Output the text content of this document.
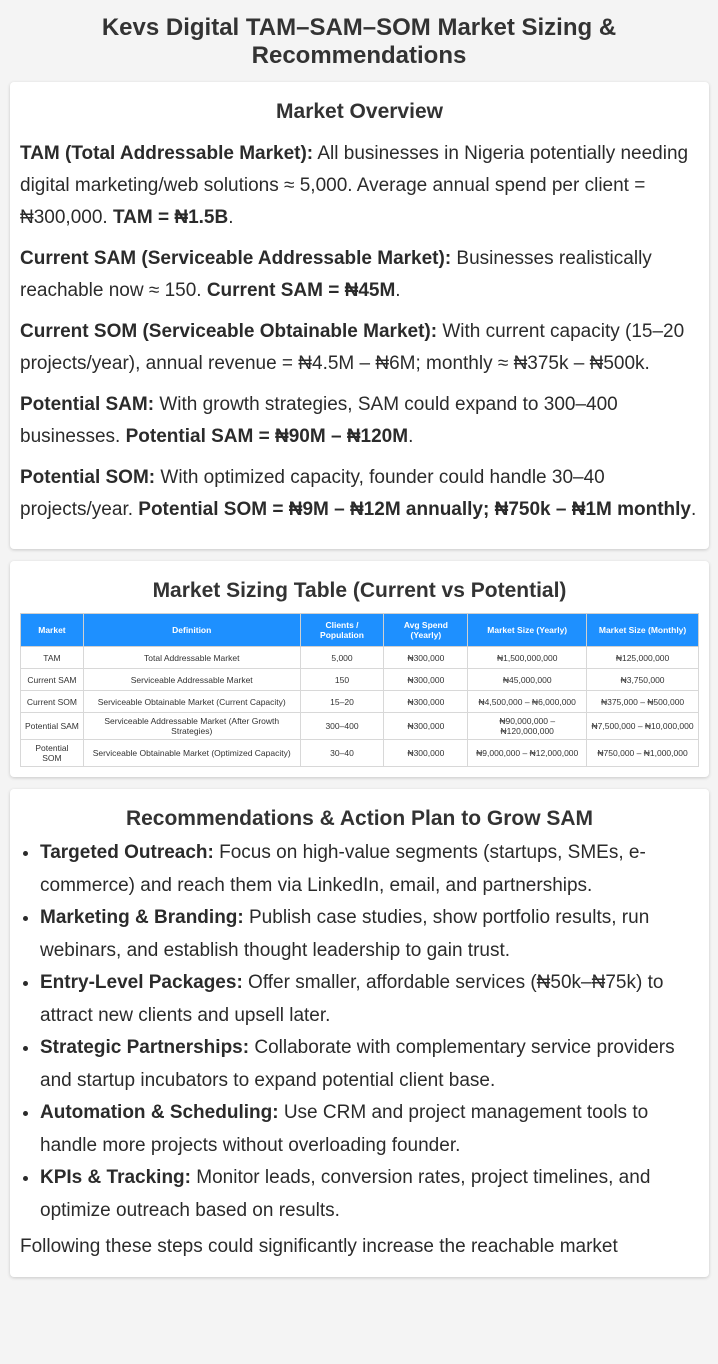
Kevs Digital TAM–SAM–SOM Market Sizing & Recommendations
Market Overview

TAM (Total Addressable Market): All businesses in Nigeria potentially needing digital marketing/web solutions ≈ 5,000. Average annual spend per client = ₦300,000. TAM = ₦1.5B.

Current SAM (Serviceable Addressable Market): Businesses realistically reachable now ≈ 150. Current SAM = ₦45M.

Current SOM (Serviceable Obtainable Market): With current capacity (15–20 projects/year), annual revenue = ₦4.5M – ₦6M; monthly ≈ ₦375k – ₦500k.

Potential SAM: With growth strategies, SAM could expand to 300–400 businesses. Potential SAM = ₦90M – ₦120M.

Potential SOM: With optimized capacity, founder could handle 30–40 projects/year. Potential SOM = ₦9M – ₦12M annually; ₦750k – ₦1M monthly.

Market Sizing Table (Current vs Potential)
Market	Definition	Clients / Population	Avg Spend (Yearly)	Market Size (Yearly)	Market Size (Monthly)
TAM	Total Addressable Market	5,000	₦300,000	₦1,500,000,000	₦125,000,000
Current SAM	Serviceable Addressable Market	150	₦300,000	₦45,000,000	₦3,750,000
Current SOM	Serviceable Obtainable Market (Current Capacity)	15–20	₦300,000	₦4,500,000 – ₦6,000,000	₦375,000 – ₦500,000
Potential SAM	Serviceable Addressable Market (After Growth Strategies)	300–400	₦300,000	₦90,000,000 – ₦120,000,000	₦7,500,000 – ₦10,000,000
Potential SOM	Serviceable Obtainable Market (Optimized Capacity)	30–40	₦300,000	₦9,000,000 – ₦12,000,000	₦750,000 – ₦1,000,000
Recommendations & Action Plan to Grow SAM
• Targeted Outreach: Focus on high-value segments (startups, SMEs, e-commerce) and reach them via LinkedIn, email, and partnerships.
• Marketing & Branding: Publish case studies, show portfolio results, run webinars, and establish thought leadership to gain trust.
• Entry-Level Packages: Offer smaller, affordable services (₦50k–₦75k) to attract new clients and upsell later.
• Strategic Partnerships: Collaborate with complementary service providers and startup incubators to expand potential client base.
• Automation & Scheduling: Use CRM and project management tools to handle more projects without overloading founder.
• KPIs & Tracking: Monitor leads, conversion rates, project timelines, and optimize outreach based on results.

Following these steps could significantly increase the reachable market
